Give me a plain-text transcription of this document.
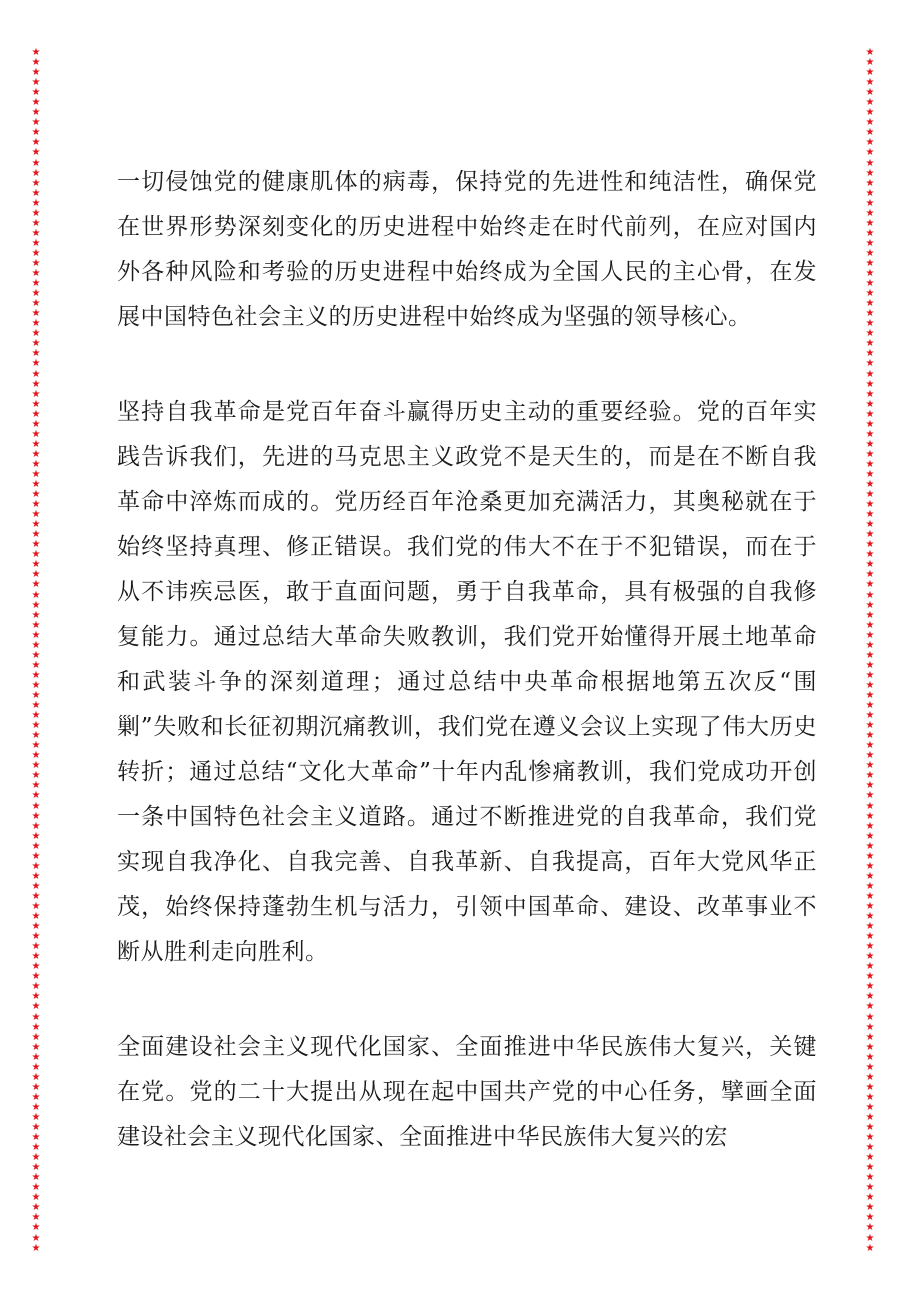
★
★
★
★
★
★
★
★
★
★
★
★
★
★
★
★
★
★
★
★
★
★
★
★
★
★
★
★
★
★
★
★
★
★
★
★
★
★
★
★
★
★
★
★
★
★
★
★
★
★
★
★
★
★
★
★
★
★
★
★
★
★
★
★
★
★
★
★
★
★
★
★
★
★
★
★
★
★
★
★
★
★
★
★
★
★
★
★
★
★
★
★
★
★
★
★
★
★
★
★
★
★
★
★
★
★
★
★
★
★
★
★
★
★
★
★
★
★
★
★
★
★
★
★
★
★
★
★
★
★
★
★
★
★
★
★
★
★
★
★
★
★
★
★
★
★
★
★
★
★
★
★
★
★
★
★
★
★
★
★
★
★
★
★
★
★
★
★
★
★
★
★
★
★
★
★
★
★
★
★
★
★
★
★
★
★
★
★
★
★
★
★
★
★
★
★
★
★
★
★
★
★
★
★
★
★
★
★
★
★
★
★
★
★
★
★
★
★
★
★
★
★
★
★
★
★
★
★
★
★
★
★
★
★
★
★
★
★
★
★

一切侵蚀党的健康肌体的病毒，保持党的先进性和纯洁性，确保党在世界形势深刻变化的历史进程中始终走在时代前列，在应对国内外各种风险和考验的历史进程中始终成为全国人民的主心骨，在发展中国特色社会主义的历史进程中始终成为坚强的领导核心。

坚持自我革命是党百年奋斗赢得历史主动的重要经验。党的百年实践告诉我们，先进的马克思主义政党不是天生的，而是在不断自我革命中淬炼而成的。党历经百年沧桑更加充满活力，其奥秘就在于始终坚持真理、修正错误。我们党的伟大不在于不犯错误，而在于从不讳疾忌医，敢于直面问题，勇于自我革命，具有极强的自我修复能力。通过总结大革命失败教训，我们党开始懂得开展土地革命和武装斗争的深刻道理；通过总结中央革命根据地第五次反“围剿”失败和长征初期沉痛教训，我们党在遵义会议上实现了伟大历史转折；通过总结“文化大革命”十年内乱惨痛教训，我们党成功开创一条中国特色社会主义道路。通过不断推进党的自我革命，我们党实现自我净化、自我完善、自我革新、自我提高，百年大党风华正茂，始终保持蓬勃生机与活力，引领中国革命、建设、改革事业不断从胜利走向胜利。

全面建设社会主义现代化国家、全面推进中华民族伟大复兴，关键在党。党的二十大提出从现在起中国共产党的中心任务，擘画全面建设社会主义现代化国家、全面推进中华民族伟大复兴的宏
